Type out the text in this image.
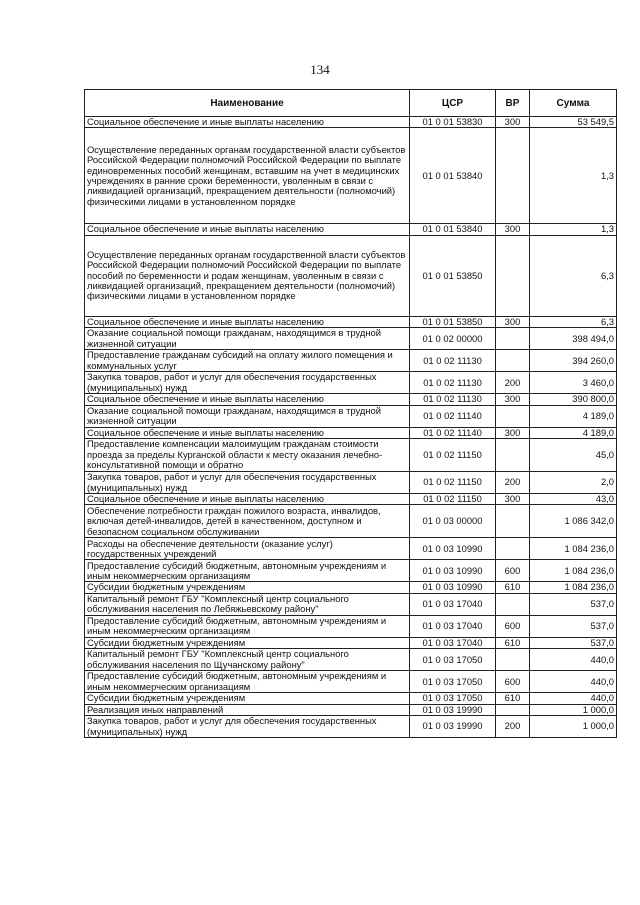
134
Наименование	ЦСР	ВР	Сумма
Социальное обеспечение и иные выплаты населению	01 0 01 53830	300	53 549,5
Осуществление переданных органам государственной власти субъектов Российской Федерации полномочий Российской Федерации по выплате единовременных пособий женщинам, вставшим на учет в медицинских учреждениях в ранние сроки беременности, уволенным в связи с ликвидацией организаций, прекращением деятельности (полномочий) физическими лицами в установленном порядке	01 0 01 53840		1,3
Социальное обеспечение и иные выплаты населению	01 0 01 53840	300	1,3
Осуществление переданных органам государственной власти субъектов Российской Федерации полномочий Российской Федерации по выплате пособий по беременности и родам женщинам, уволенным в связи с ликвидацией организаций, прекращением деятельности (полномочий) физическими лицами в установленном порядке	01 0 01 53850		6,3
Социальное обеспечение и иные выплаты населению	01 0 01 53850	300	6,3
Оказание социальной помощи гражданам, находящимся в трудной жизненной ситуации	01 0 02 00000		398 494,0
Предоставление гражданам субсидий на оплату жилого помещения и коммунальных услуг	01 0 02 11130		394 260,0
Закупка товаров, работ и услуг для обеспечения государственных (муниципальных) нужд	01 0 02 11130	200	3 460,0
Социальное обеспечение и иные выплаты населению	01 0 02 11130	300	390 800,0
Оказание социальной помощи гражданам, находящимся в трудной жизненной ситуации	01 0 02 11140		4 189,0
Социальное обеспечение и иные выплаты населению	01 0 02 11140	300	4 189,0
Предоставление компенсации малоимущим гражданам стоимости проезда за пределы Курганской области к месту оказания лечебно-консультативной помощи и обратно	01 0 02 11150		45,0
Закупка товаров, работ и услуг для обеспечения государственных (муниципальных) нужд	01 0 02 11150	200	2,0
Социальное обеспечение и иные выплаты населению	01 0 02 11150	300	43,0
Обеспечение потребности граждан пожилого возраста, инвалидов, включая детей-инвалидов, детей в качественном, доступном и безопасном социальном обслуживании	01 0 03 00000		1 086 342,0
Расходы на обеспечение деятельности (оказание услуг) государственных учреждений	01 0 03 10990		1 084 236,0
Предоставление субсидий бюджетным, автономным учреждениям и иным некоммерческим организациям	01 0 03 10990	600	1 084 236,0
Субсидии бюджетным учреждениям	01 0 03 10990	610	1 084 236,0
Капитальный ремонт ГБУ "Комплексный центр социального обслуживания населения по Лебяжьевскому району"	01 0 03 17040		537,0
Предоставление субсидий бюджетным, автономным учреждениям и иным некоммерческим организациям	01 0 03 17040	600	537,0
Субсидии бюджетным учреждениям	01 0 03 17040	610	537,0
Капитальный ремонт ГБУ "Комплексный центр социального обслуживания населения по Щучанскому району"	01 0 03 17050		440,0
Предоставление субсидий бюджетным, автономным учреждениям и иным некоммерческим организациям	01 0 03 17050	600	440,0
Субсидии бюджетным учреждениям	01 0 03 17050	610	440,0
Реализация иных направлений	01 0 03 19990		1 000,0
Закупка товаров, работ и услуг для обеспечения государственных (муниципальных) нужд	01 0 03 19990	200	1 000,0
